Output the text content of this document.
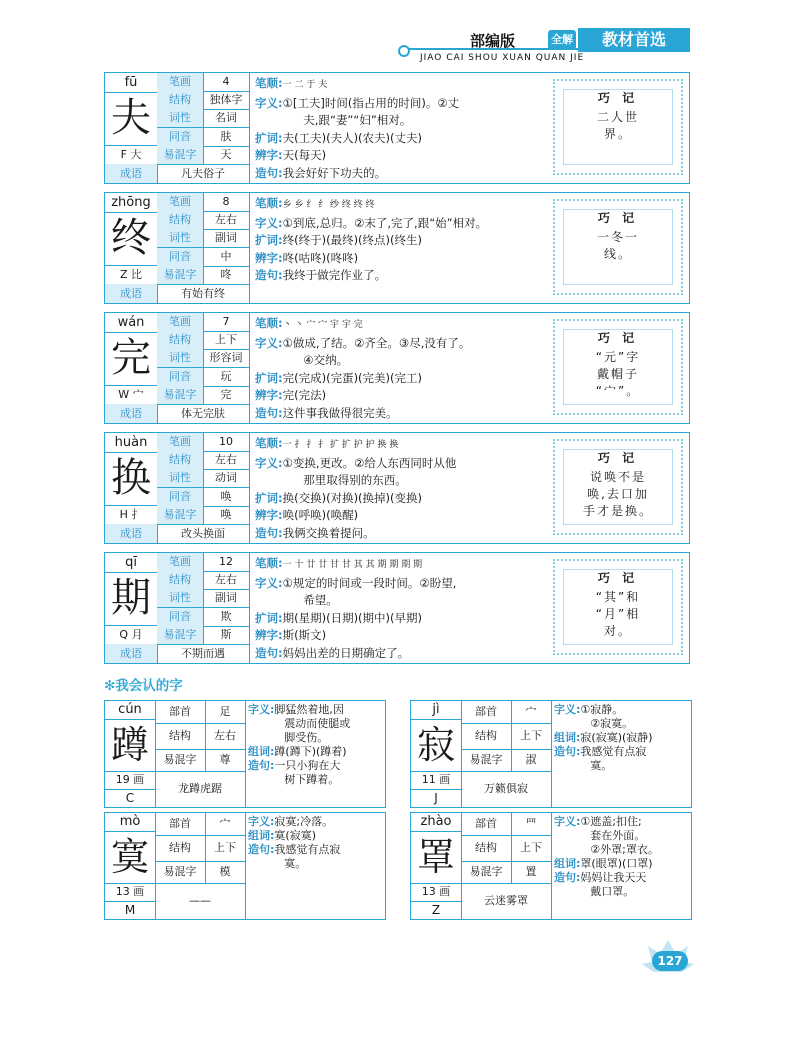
部编版	全解	教材首选
JIAO CAI SHOU XUAN QUAN JIE
fū
夫
F 大
笔画	4
结构	独体字
词性	名词
同音	肤
易混字	天
成语	凡夫俗子
笔顺:一 二 于 夫
字义:①[工夫]时间(指占用的时间)。②丈
夫,跟“妻”“妇”相对。
扩词:夫(工夫)(夫人)(农夫)(丈夫)
辨字:天(每天)
造句:我会好好下功夫的。
巧 记
二人世
界。
zhōng
终
Z 比
笔画	8
结构	左右
词性	副词
同音	中
易混字	咚
成语	有始有终
笔顺:乡 乡 纟 纟 纱 终 终 终
字义:①到底,总归。②末了,完了,跟“始”相对。
扩词:终(终于)(最终)(终点)(终生)
辨字:咚(咕咚)(咚咚)
造句:我终于做完作业了。
巧 记
一冬一
线。
wán
完
W 宀
笔画	7
结构	上下
词性	形容词
同音	玩
易混字	完
成语	体无完肤
笔顺:丶 丶 宀 宀 宇 宇 完
字义:①做成,了结。②齐全。③尽,没有了。
④交纳。
扩词:完(完成)(完蛋)(完美)(完工)
辨字:完(完法)
造句:这件事我做得很完美。
巧 记
“元”字
戴帽子
“宀”。
huàn
换
H 扌
笔画	10
结构	左右
词性	动词
同音	唤
易混字	唤
成语	改头换面
笔顺:一 扌 扌 扌 扩 扩 护 护 换 换
字义:①变换,更改。②给人东西同时从他
那里取得别的东西。
扩词:换(交换)(对换)(换掉)(变换)
辨字:唤(呼唤)(唤醒)
造句:我俩交换着提问。
巧 记
说唤不是
唤,去口加
手才是换。
qī
期
Q 月
笔画	12
结构	左右
词性	副词
同音	欺
易混字	斯
成语	不期而遇
笔顺:一 十 廿 廿 甘 甘 其 其 期 期 期 期
字义:①规定的时间或一段时间。②盼望,
希望。
扩词:期(星期)(日期)(期中)(早期)
辨字:斯(斯文)
造句:妈妈出差的日期确定了。
巧 记
“其”和
“月”相
对。
✻我会认的字
cún
蹲
19 画
C
部首	足
结构	左右
易混字	尊
龙蹲虎踞
字义:脚猛然着地,因
震动而使腿或
脚受伤。
组词:蹲(蹲下)(蹲着)
造句:一只小狗在大
树下蹲着。
jì
寂
11 画
J
部首	宀
结构	上下
易混字	淑
万籁俱寂
字义:①寂静。
②寂寞。
组词:寂(寂寞)(寂静)
造句:我感觉有点寂
寞。
mò
寞
13 画
M
部首	宀
结构	上下
易混字	模
——
字义:寂寞;冷落。
组词:寞(寂寞)
造句:我感觉有点寂
寞。
zhào
罩
13 画
Z
部首	罒
结构	上下
易混字	置
云迷雾罩
字义:①遮盖;扣住;
套在外面。
②外罩;罩衣。
组词:罩(眼罩)(口罩)
造句:妈妈让我天天
戴口罩。
127
